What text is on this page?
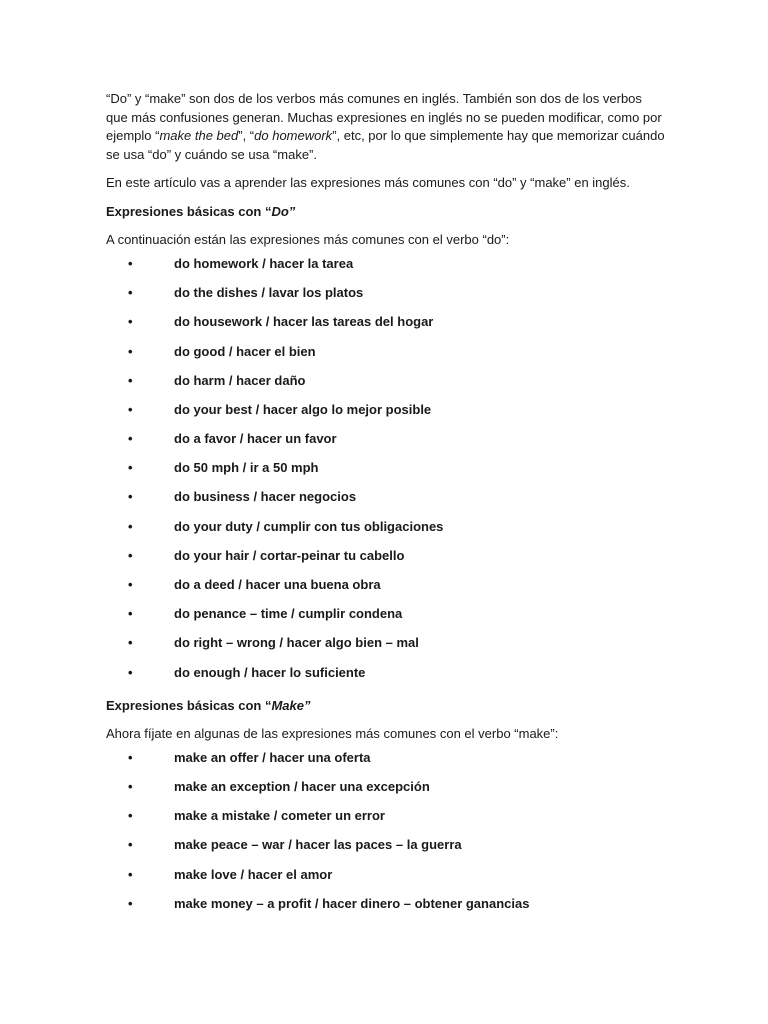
“Do” y “make” son dos de los verbos más comunes en inglés. También son dos de los verbos que más confusiones generan. Muchas expresiones en inglés no se pueden modificar, como por ejemplo “make the bed”, “do homework”, etc, por lo que simplemente hay que memorizar cuándo se usa “do” y cuándo se usa “make”.

En este artículo vas a aprender las expresiones más comunes con “do” y “make” en inglés.

Expresiones básicas con “Do”

A continuación están las expresiones más comunes con el verbo “do”:

•	do homework / hacer la tarea
•	do the dishes / lavar los platos
•	do housework / hacer las tareas del hogar
•	do good / hacer el bien
•	do harm / hacer daño
•	do your best / hacer algo lo mejor posible
•	do a favor / hacer un favor
•	do 50 mph / ir a 50 mph
•	do business / hacer negocios
•	do your duty / cumplir con tus obligaciones
•	do your hair / cortar-peinar tu cabello
•	do a deed / hacer una buena obra
•	do penance – time / cumplir condena
•	do right – wrong / hacer algo bien – mal
•	do enough / hacer lo suficiente

Expresiones básicas con “Make”

Ahora fíjate en algunas de las expresiones más comunes con el verbo “make”:

•	make an offer / hacer una oferta
•	make an exception / hacer una excepción
•	make a mistake / cometer un error
•	make peace – war / hacer las paces – la guerra
•	make love / hacer el amor
•	make money – a profit / hacer dinero – obtener ganancias
